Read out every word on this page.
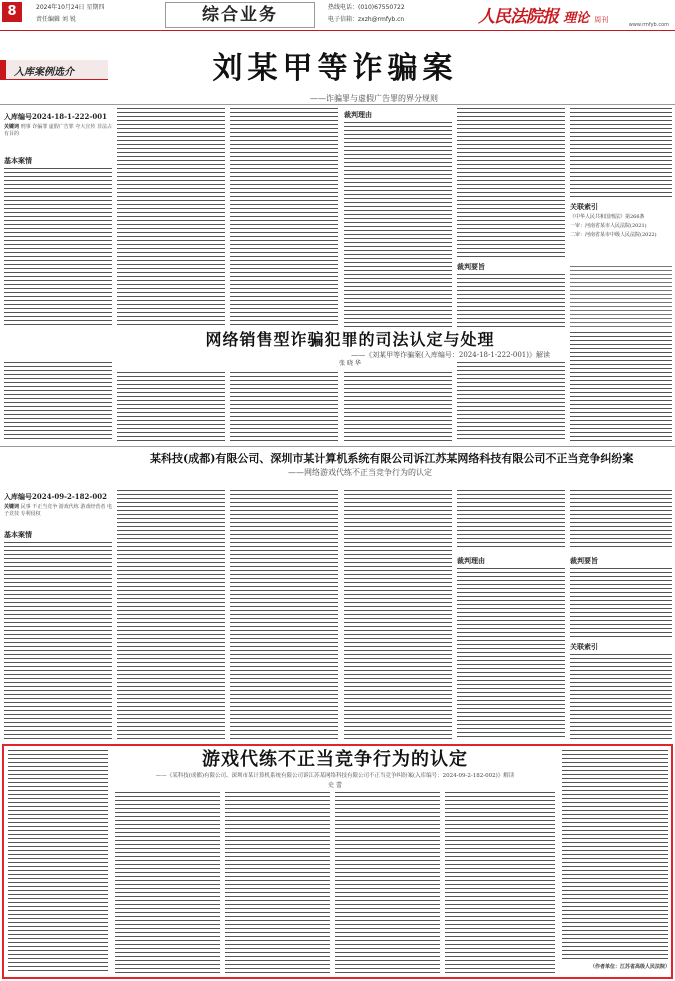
8	2024年10月24日 星期四
责任编辑 刘 锐	综合业务	热线电话：(010)67550722
电子信箱：zxzh@rmfyb.cn	人民法院报 理论 周刊
www.rmfyb.com
入库案例选介	刘某甲等诈骗案
——诈骗罪与虚假广告罪的界分规则
入库编号2024-18-1-222-001
关键词 刑事 诈骗罪 虚假广告罪 夸大宣传 非法占有目的
基本案情
裁判理由
裁判要旨
关联索引
《中华人民共和国刑法》第266条
一审：河南省某市人民法院(2021)
二审：河南省某市中级人民法院(2022)
网络销售型诈骗犯罪的司法认定与处理
——《刘某甲等诈骗案(入库编号：2024-18-1-222-001)》解读
张 晓 华
某科技(成都)有限公司、深圳市某计算机系统有限公司诉江苏某网络科技有限公司不正当竞争纠纷案
——网络游戏代练不正当竞争行为的认定
入库编号2024-09-2-182-002
关键词 民事 不正当竞争 游戏代练 游戏经营者 电子竞技 专利侵权
基本案情
裁判理由	裁判要旨
关联索引
游戏代练不正当竞争行为的认定
——《某科技(成都)有限公司、深圳市某计算机系统有限公司诉江苏某网络科技有限公司不正当竞争纠纷案(入库编号：2024-09-2-182-002)》解读
史 蕾
（作者单位：江苏省高级人民法院）
